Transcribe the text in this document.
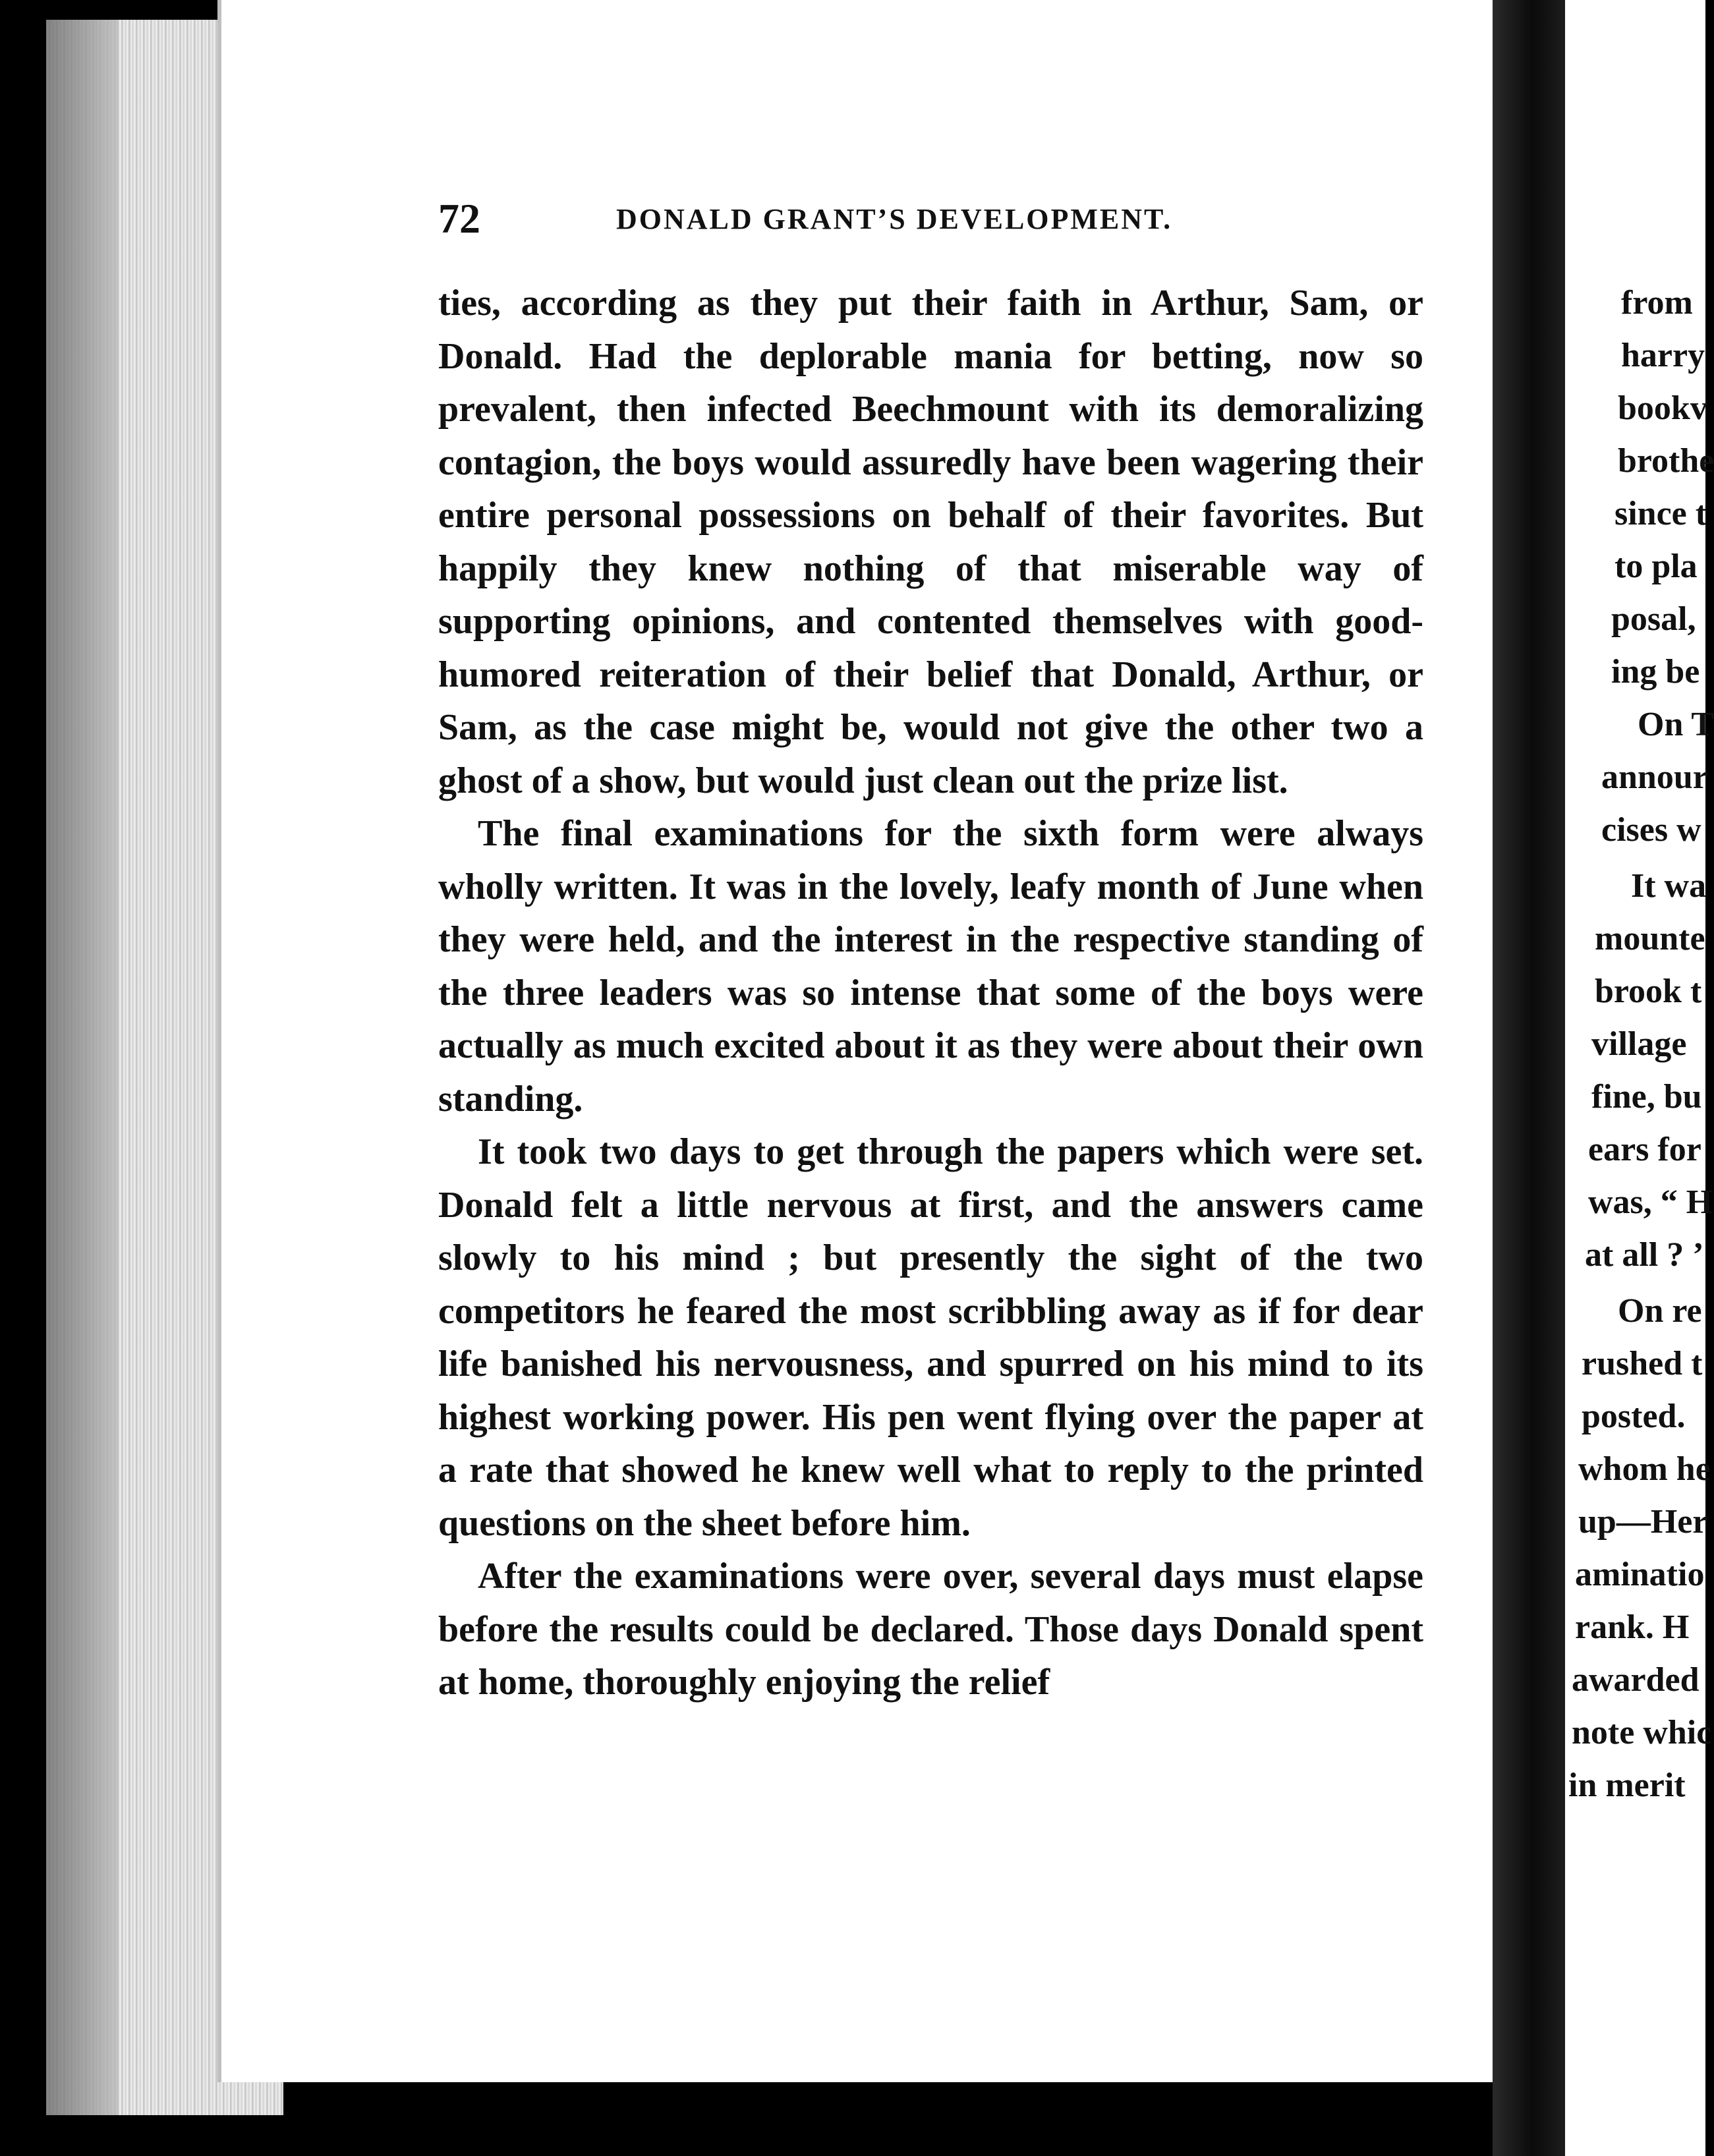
72	DONALD GRANT’S DEVELOPMENT.

ties, according as they put their faith in Arthur, Sam, or Donald. Had the deplorable mania for betting, now so prevalent, then infected Beechmount with its demoralizing contagion, the boys would assuredly have been wagering their entire personal possessions on behalf of their favorites. But happily they knew nothing of that miserable way of supporting opinions, and contented themselves with good-humored reiteration of their belief that Donald, Arthur, or Sam, as the case might be, would not give the other two a ghost of a show, but would just clean out the prize list.

The final examinations for the sixth form were always wholly written. It was in the lovely, leafy month of June when they were held, and the interest in the respective standing of the three leaders was so intense that some of the boys were actually as much excited about it as they were about their own standing.

It took two days to get through the papers which were set. Donald felt a little nervous at first, and the answers came slowly to his mind ; but presently the sight of the two competitors he feared the most scribbling away as if for dear life banished his nervousness, and spurred on his mind to its highest working power. His pen went flying over the paper at a rate that showed he knew well what to reply to the printed questions on the sheet before him.

After the examinations were over, several days must elapse before the results could be declared. Those days Donald spent at home, thoroughly enjoying the relief

from
harry
bookv
brothe
since t
to pla
posal,
ing be
On T
annour
cises w
It wa
mounte
brook t
village
fine, bu
ears for
was, “ H
at all ? ’
On re
rushed t
posted.
whom he
up—Her
aminatio
rank. H
awarded
note whic
in merit
